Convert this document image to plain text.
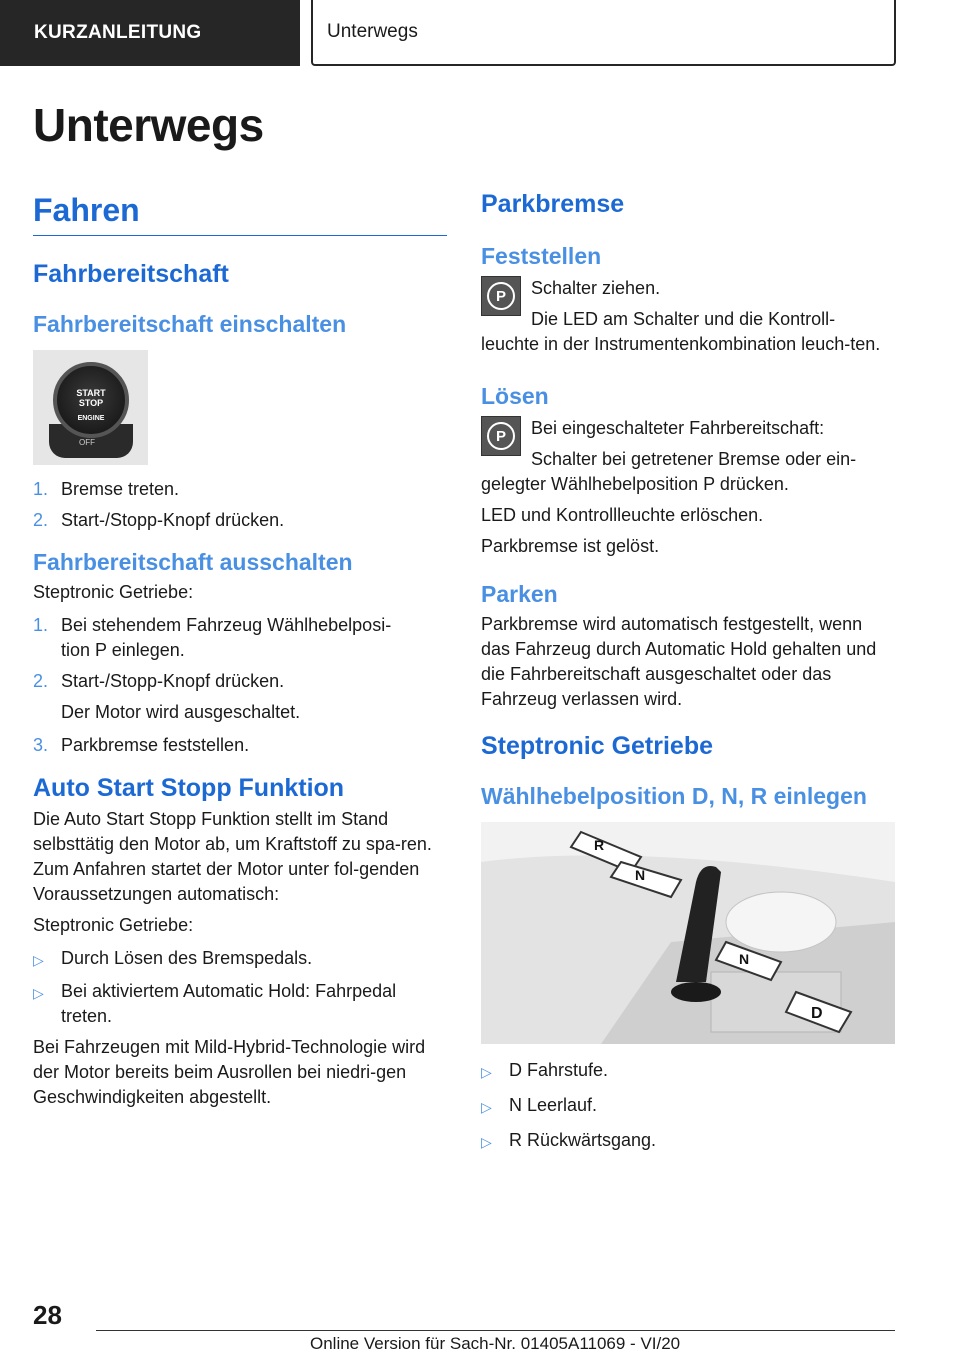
KURZANLEITUNG	Unterwegs
Unterwegs
Fahren
Fahrbereitschaft
Fahrbereitschaft einschalten
START
STOP
ENGINE
OFF
1. Bremse treten.
2. Start-/Stopp-Knopf drücken.
Fahrbereitschaft ausschalten

Steptronic Getriebe:

1. Bei stehendem Fahrzeug Wählhebelposi-
tion P einlegen.
2. Start-/Stopp-Knopf drücken.

Der Motor wird ausgeschaltet.

3. Parkbremse feststellen.
Auto Start Stopp Funktion

Die Auto Start Stopp Funktion stellt im Stand selbsttätig den Motor ab, um Kraftstoff zu spa-ren. Zum Anfahren startet der Motor unter fol-genden Voraussetzungen automatisch:

Steptronic Getriebe:

▷ Durch Lösen des Bremspedals.
▷ Bei aktiviertem Automatic Hold: Fahrpedal treten.

Bei Fahrzeugen mit Mild-Hybrid-Technologie wird der Motor bereits beim Ausrollen bei niedri-gen Geschwindigkeiten abgestellt.

Parkbremse
Feststellen
P	Schalter ziehen.

Die LED am Schalter und die Kontroll-

leuchte in der Instrumentenkombination leuch-ten.

Lösen
P	Bei eingeschalteter Fahrbereitschaft:

Schalter bei getretener Bremse oder ein-

gelegter Wählhebelposition P drücken.

LED und Kontrollleuchte erlöschen.

Parkbremse ist gelöst.

Parken

Parkbremse wird automatisch festgestellt, wenn das Fahrzeug durch Automatic Hold gehalten und die Fahrbereitschaft ausgeschaltet oder das Fahrzeug verlassen wird.

Steptronic Getriebe
Wählhebelposition D, N, R einlegen
R
N
N
D
▷ D Fahrstufe.
▷ N Leerlauf.
▷ R Rückwärtsgang.
28
Online Version für Sach-Nr. 01405A11069 - VI/20
